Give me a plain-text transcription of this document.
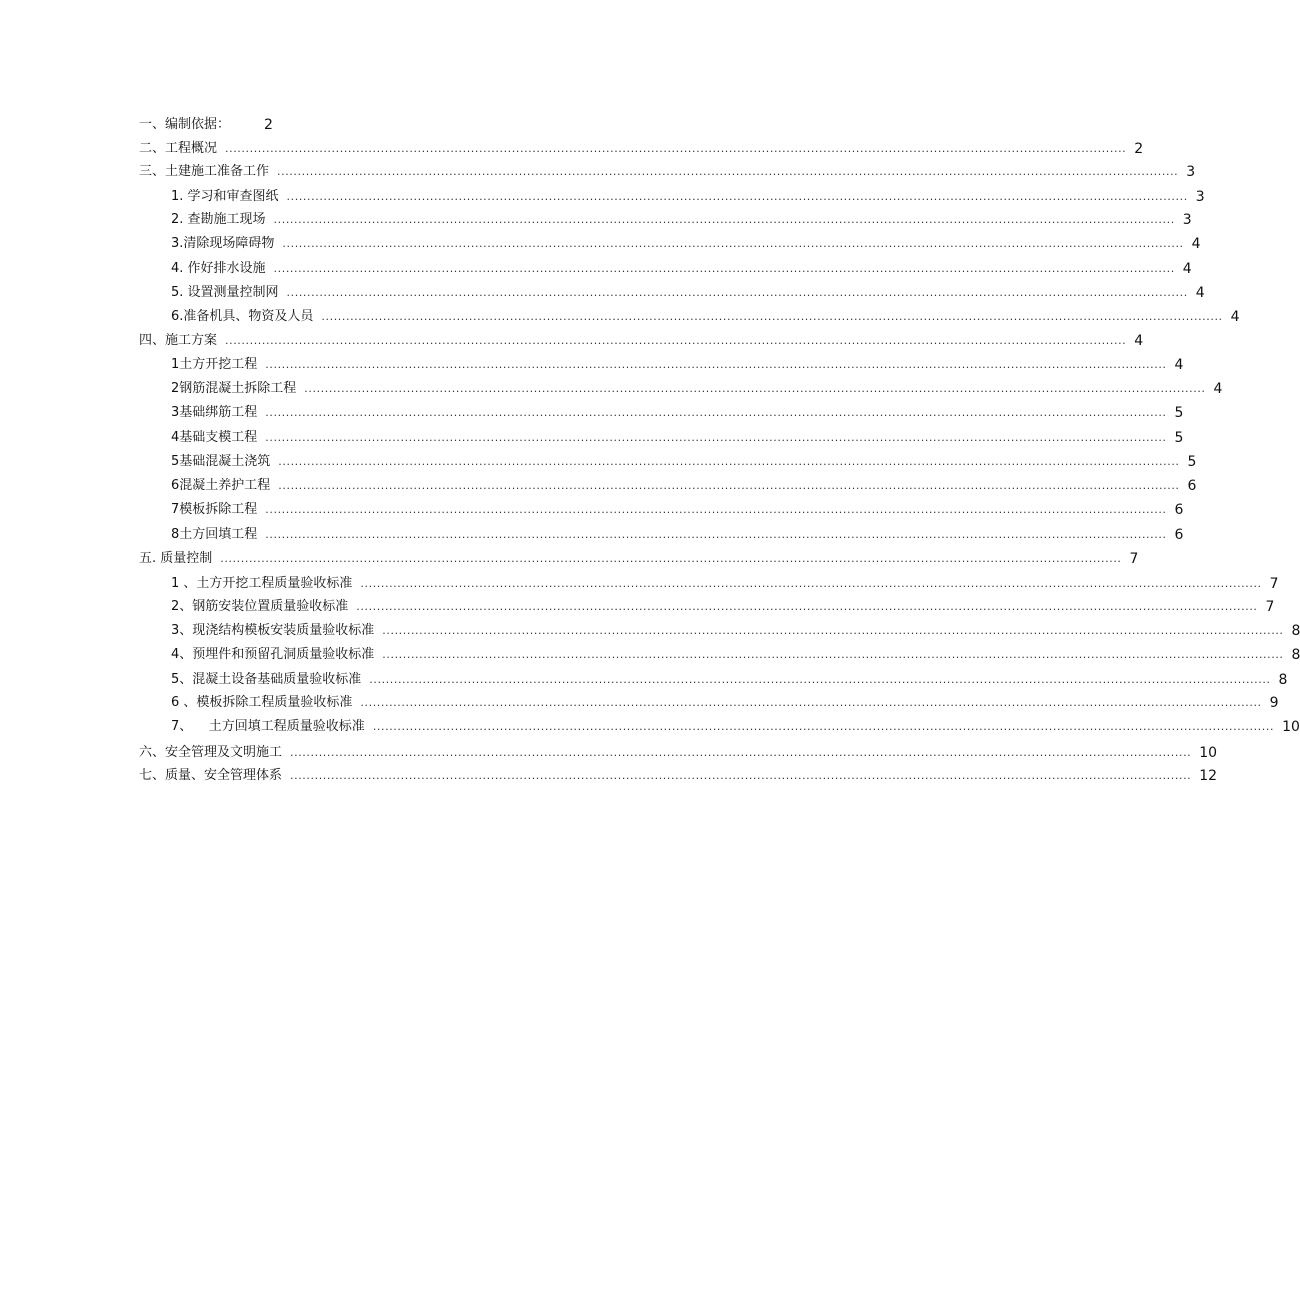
一、编制依据： 2
二、工程概况 ............................................................................................................................................................................................................................ 2
三、土建施工准备工作 ............................................................................................................................................................................................................................ 3
1. 学习和审查图纸 ............................................................................................................................................................................................................................ 3
2. 查勘施工现场 ............................................................................................................................................................................................................................ 3
3.清除现场障碍物 ............................................................................................................................................................................................................................ 4
4. 作好排水设施 ............................................................................................................................................................................................................................ 4
5. 设置测量控制网 ............................................................................................................................................................................................................................ 4
6.准备机具、物资及人员 ............................................................................................................................................................................................................................ 4
四、施工方案 ............................................................................................................................................................................................................................ 4
1土方开挖工程 ............................................................................................................................................................................................................................ 4
2钢筋混凝土拆除工程 ............................................................................................................................................................................................................................ 4
3基础绑筋工程 ............................................................................................................................................................................................................................ 5
4基础支模工程 ............................................................................................................................................................................................................................ 5
5基础混凝土浇筑 ............................................................................................................................................................................................................................ 5
6混凝土养护工程 ............................................................................................................................................................................................................................ 6
7模板拆除工程 ............................................................................................................................................................................................................................ 6
8土方回填工程 ............................................................................................................................................................................................................................ 6
五. 质量控制 ............................................................................................................................................................................................................................ 7
1 、土方开挖工程质量验收标准 ............................................................................................................................................................................................................................ 7
2、钢筋安装位置质量验收标准 ............................................................................................................................................................................................................................ 7
3、现浇结构模板安装质量验收标准 ............................................................................................................................................................................................................................ 8
4、预埋件和预留孔洞质量验收标准 ............................................................................................................................................................................................................................ 8
5、混凝土设备基础质量验收标准 ............................................................................................................................................................................................................................ 8
6 、模板拆除工程质量验收标准 ............................................................................................................................................................................................................................ 9
7、    土方回填工程质量验收标准 ............................................................................................................................................................................................................................ 10
六、安全管理及文明施工 ............................................................................................................................................................................................................................ 10
七、质量、安全管理体系 ............................................................................................................................................................................................................................ 12
